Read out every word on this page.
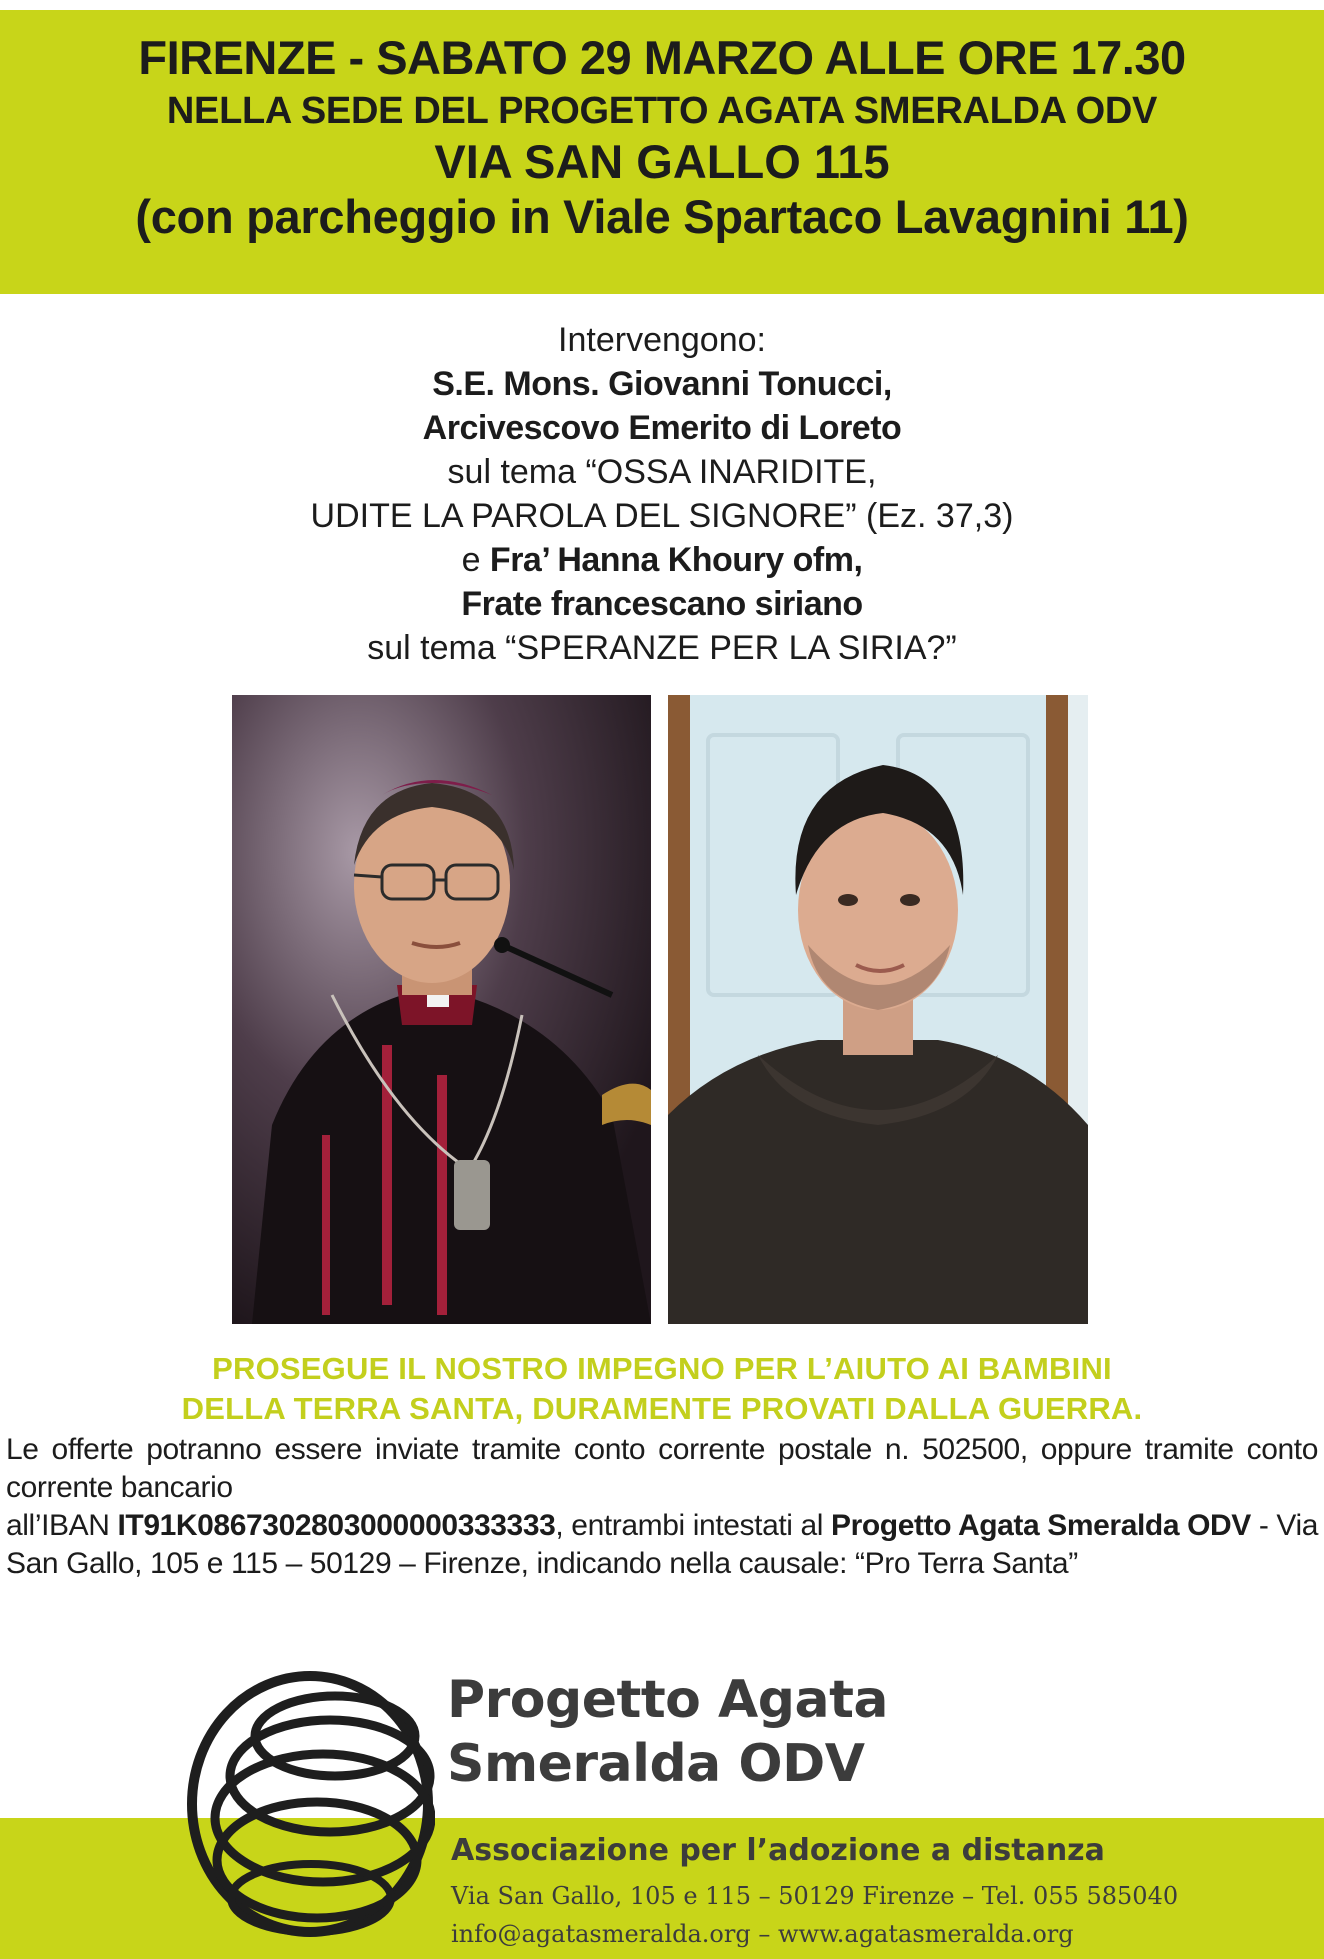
FIRENZE - SABATO 29 MARZO ALLE ORE 17.30
NELLA SEDE DEL PROGETTO AGATA SMERALDA ODV
VIA SAN GALLO 115
(con parcheggio in Viale Spartaco Lavagnini 11)
Intervengono:
S.E. Mons. Giovanni Tonucci,
Arcivescovo Emerito di Loreto
sul tema “OSSA INARIDITE,
UDITE LA PAROLA DEL SIGNORE” (Ez. 37,3)
e Fra’ Hanna Khoury ofm,
Frate francescano siriano
sul tema “SPERANZE PER LA SIRIA?”
PROSEGUE IL NOSTRO IMPEGNO PER L’AIUTO AI BAMBINI
DELLA TERRA SANTA, DURAMENTE PROVATI DALLA GUERRA.
Le offerte potranno essere inviate tramite conto corrente postale n. 502500, oppure tramite conto corrente bancario
all’IBAN IT91K0867302803000000333333, entrambi intestati al Progetto Agata Smeralda ODV - Via San Gallo, 105 e 115 – 50129 – Firenze, indicando nella causale: “Pro Terra Santa”
Progetto Agata
Smeralda ODV
Associazione per l’adozione a distanza
Via San Gallo, 105 e 115 – 50129 Firenze – Tel. 055 585040
info@agatasmeralda.org – www.agatasmeralda.org
